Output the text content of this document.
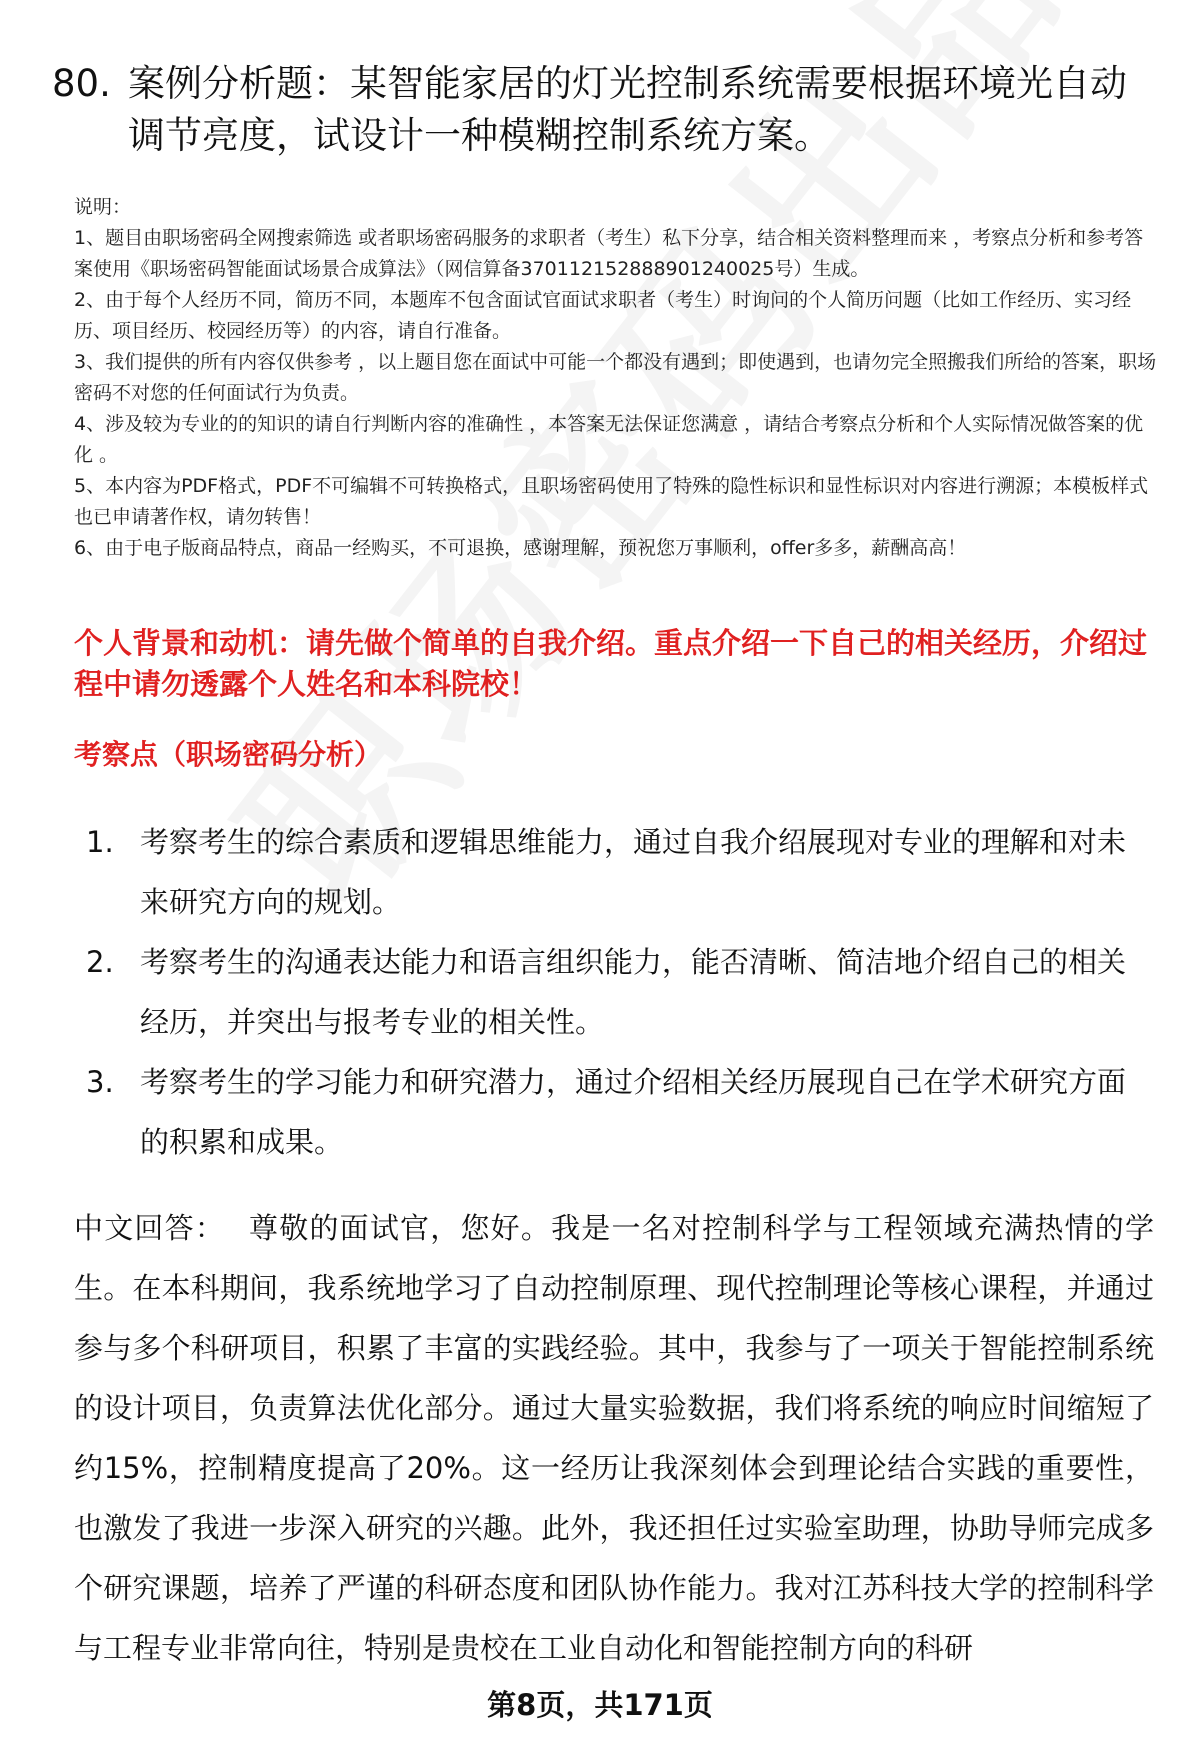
80. 案例分析题：某智能家居的灯光控制系统需要根据环境光自动调节亮度，试设计一种模糊控制系统方案。

说明：

1、题目由职场密码全网搜索筛选 或者职场密码服务的求职者（考生）私下分享，结合相关资料整理而来 ，考察点分析和参考答案使用《职场密码智能面试场景合成算法》（网信算备370112152888901240025号）生成。

2、由于每个人经历不同，简历不同，本题库不包含面试官面试求职者（考生）时询问的个人简历问题（比如工作经历、实习经历、项目经历、校园经历等）的内容，请自行准备。

3、我们提供的所有内容仅供参考 ，以上题目您在面试中可能一个都没有遇到；即使遇到，也请勿完全照搬我们所给的答案，职场密码不对您的任何面试行为负责。

4、涉及较为专业的的知识的请自行判断内容的准确性 ，本答案无法保证您满意 ，请结合考察点分析和个人实际情况做答案的优化 。

5、本内容为PDF格式，PDF不可编辑不可转换格式，且职场密码使用了特殊的隐性标识和显性标识对内容进行溯源；本模板样式也已申请著作权，请勿转售！

6、由于电子版商品特点，商品一经购买，不可退换，感谢理解，预祝您万事顺利，offer多多，薪酬高高！

个人背景和动机：请先做个简单的自我介绍。重点介绍一下自己的相关经历，介绍过程中请勿透露个人姓名和本科院校！
考察点（职场密码分析）
1. 考察考生的综合素质和逻辑思维能力，通过自我介绍展现对专业的理解和对未来研究方向的规划。
2. 考察考生的沟通表达能力和语言组织能力，能否清晰、简洁地介绍自己的相关经历，并突出与报考专业的相关性。
3. 考察考生的学习能力和研究潜力，通过介绍相关经历展现自己在学术研究方面的积累和成果。
中文回答： 尊敬的面试官，您好。我是一名对控制科学与工程领域充满热情的学生。在本科期间，我系统地学习了自动控制原理、现代控制理论等核心课程，并通过参与多个科研项目，积累了丰富的实践经验。其中，我参与了一项关于智能控制系统的设计项目，负责算法优化部分。通过大量实验数据，我们将系统的响应时间缩短了约15%，控制精度提高了20%。这一经历让我深刻体会到理论结合实践的重要性，也激发了我进一步深入研究的兴趣。此外，我还担任过实验室助理，协助导师完成多个研究课题，培养了严谨的科研态度和团队协作能力。我对江苏科技大学的控制科学与工程专业非常向往，特别是贵校在工业自动化和智能控制方向的科研
第8页，共171页
